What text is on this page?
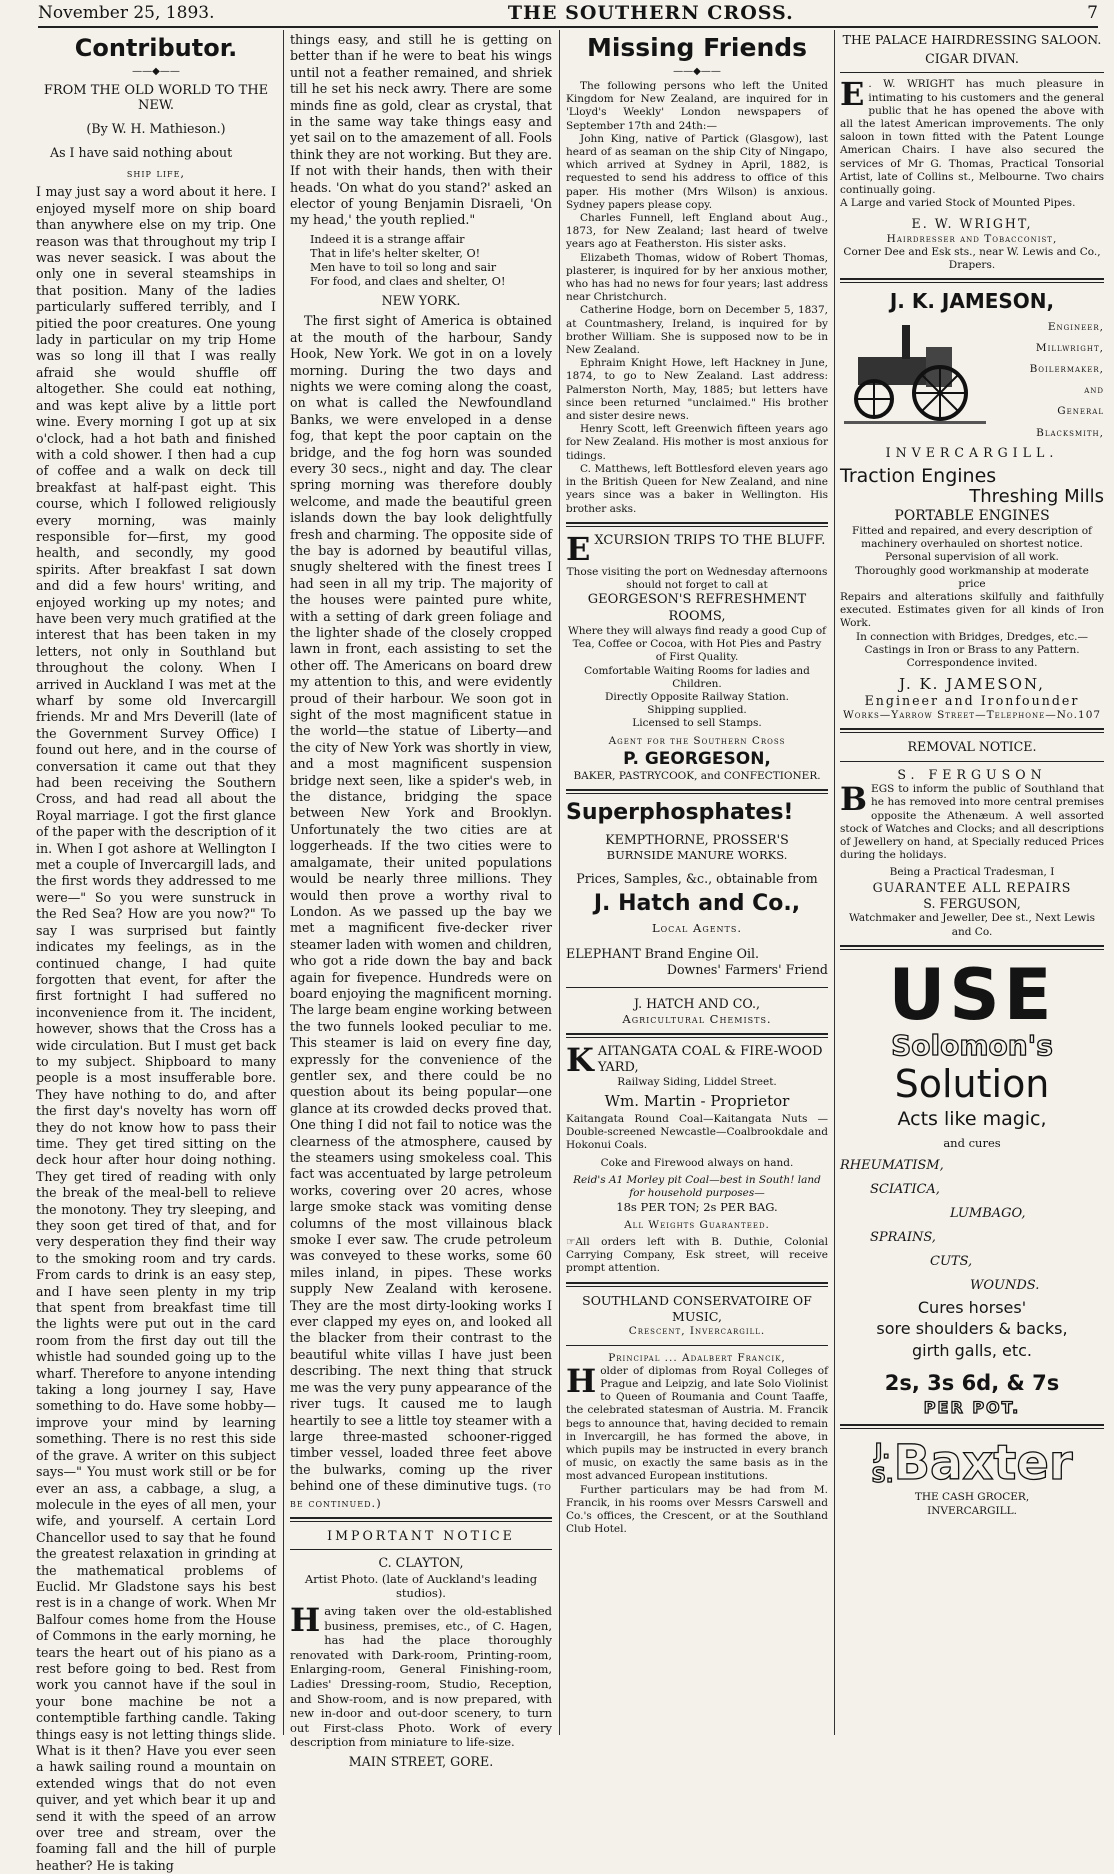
November 25, 1893.	THE SOUTHERN CROSS.	7
Contributor.
——◆——
FROM THE OLD WORLD TO THE NEW.
(By W. H. Mathieson.)

As I have said nothing about

ship life,

I may just say a word about it here. I enjoyed myself more on ship board than anywhere else on my trip. One reason was that throughout my trip I was never seasick. I was about the only one in several steamships in that position. Many of the ladies particularly suffered terribly, and I pitied the poor creatures. One young lady in particular on my trip Home was so long ill that I was really afraid she would shuffle off altogether. She could eat nothing, and was kept alive by a little port wine. Every morning I got up at six o'clock, had a hot bath and finished with a cold shower. I then had a cup of coffee and a walk on deck till breakfast at half-past eight. This course, which I followed religiously every morning, was mainly responsible for—first, my good health, and secondly, my good spirits. After breakfast I sat down and did a few hours' writing, and enjoyed working up my notes; and have been very much gratified at the interest that has been taken in my letters, not only in Southland but throughout the colony. When I arrived in Auckland I was met at the wharf by some old Invercargill friends. Mr and Mrs Deverill (late of the Government Survey Office) I found out here, and in the course of conversation it came out that they had been receiving the Southern Cross, and had read all about the Royal marriage. I got the first glance of the paper with the description of it in. When I got ashore at Wellington I met a couple of Invercargill lads, and the first words they addressed to me were—" So you were sunstruck in the Red Sea? How are you now?" To say I was surprised but faintly indicates my feelings, as in the continued change, I had quite forgotten that event, for after the first fortnight I had suffered no inconvenience from it. The incident, however, shows that the Cross has a wide circulation. But I must get back to my subject. Shipboard to many people is a most insufferable bore. They have nothing to do, and after the first day's novelty has worn off they do not know how to pass their time. They get tired sitting on the deck hour after hour doing nothing. They get tired of reading with only the break of the meal-bell to relieve the monotony. They try sleeping, and they soon get tired of that, and for very desperation they find their way to the smoking room and try cards. From cards to drink is an easy step, and I have seen plenty in my trip that spent from breakfast time till the lights were put out in the card room from the first day out till the whistle had sounded going up to the wharf. Therefore to anyone intending taking a long journey I say, Have something to do. Have some hobby—improve your mind by learning something. There is no rest this side of the grave. A writer on this subject says—" You must work still or be for ever an ass, a cabbage, a slug, a molecule in the eyes of all men, your wife, and yourself. A certain Lord Chancellor used to say that he found the greatest relaxation in grinding at the mathematical problems of Euclid. Mr Gladstone says his best rest is in a change of work. When Mr Balfour comes home from the House of Commons in the early morning, he tears the heart out of his piano as a rest before going to bed. Rest from work you cannot have if the soul in your bone machine be not a contemptible farthing candle. Taking things easy is not letting things slide. What is it then? Have you ever seen a hawk sailing round a mountain on extended wings that do not even quiver, and yet which bear it up and send it with the speed of an arrow over tree and stream, over the foaming fall and the hill of purple heather? He is taking

things easy, and still he is getting on better than if he were to beat his wings until not a feather remained, and shriek till he set his neck awry. There are some minds fine as gold, clear as crystal, that in the same way take things easy and yet sail on to the amazement of all. Fools think they are not working. But they are. If not with their hands, then with their heads. 'On what do you stand?' asked an elector of young Benjamin Disraeli, 'On my head,' the youth replied."

Indeed it is a strange affair
That in life's helter skelter, O!
Men have to toil so long and sair
For food, and claes and shelter, O!
NEW YORK.

The first sight of America is obtained at the mouth of the harbour, Sandy Hook, New York. We got in on a lovely morning. During the two days and nights we were coming along the coast, on what is called the Newfoundland Banks, we were enveloped in a dense fog, that kept the poor captain on the bridge, and the fog horn was sounded every 30 secs., night and day. The clear spring morning was therefore doubly welcome, and made the beautiful green islands down the bay look delightfully fresh and charming. The opposite side of the bay is adorned by beautiful villas, snugly sheltered with the finest trees I had seen in all my trip. The majority of the houses were painted pure white, with a setting of dark green foliage and the lighter shade of the closely cropped lawn in front, each assisting to set the other off. The Americans on board drew my attention to this, and were evidently proud of their harbour. We soon got in sight of the most magnificent statue in the world—the statue of Liberty—and the city of New York was shortly in view, and a most magnificent suspension bridge next seen, like a spider's web, in the distance, bridging the space between New York and Brooklyn. Unfortunately the two cities are at loggerheads. If the two cities were to amalgamate, their united populations would be nearly three millions. They would then prove a worthy rival to London. As we passed up the bay we met a magnificent five-decker river steamer laden with women and children, who got a ride down the bay and back again for fivepence. Hundreds were on board enjoying the magnificent morning. The large beam engine working between the two funnels looked peculiar to me. This steamer is laid on every fine day, expressly for the convenience of the gentler sex, and there could be no question about its being popular—one glance at its crowded decks proved that. One thing I did not fail to notice was the clearness of the atmosphere, caused by the steamers using smokeless coal. This fact was accentuated by large petroleum works, covering over 20 acres, whose large smoke stack was vomiting dense columns of the most villainous black smoke I ever saw. The crude petroleum was conveyed to these works, some 60 miles inland, in pipes. These works supply New Zealand with kerosene. They are the most dirty-looking works I ever clapped my eyes on, and looked all the blacker from their contrast to the beautiful white villas I have just been describing. The next thing that struck me was the very puny appearance of the river tugs. It caused me to laugh heartily to see a little toy steamer with a large three-masted schooner-rigged timber vessel, loaded three feet above the bulwarks, coming up the river behind one of these diminutive tugs. (to be continued.)

IMPORTANT NOTICE
C. CLAYTON,
Artist Photo. (late of Auckland's leading studios).

Having taken over the old-established business, premises, etc., of C. Hagen, has had the place thoroughly renovated with Dark-room, Printing-room, Enlarging-room, General Finishing-room, Ladies' Dressing-room, Studio, Reception, and Show-room, and is now prepared, with new in-door and out-door scenery, to turn out First-class Photo. Work of every description from miniature to life-size.

MAIN STREET, GORE.
Missing Friends
——◆——

The following persons who left the United Kingdom for New Zealand, are inquired for in 'Lloyd's Weekly' London newspapers of September 17th and 24th:—

John King, native of Partick (Glasgow), last heard of as seaman on the ship City of Ningapo, which arrived at Sydney in April, 1882, is requested to send his address to office of this paper. His mother (Mrs Wilson) is anxious. Sydney papers please copy.

Charles Funnell, left England about Aug., 1873, for New Zealand; last heard of twelve years ago at Featherston. His sister asks.

Elizabeth Thomas, widow of Robert Thomas, plasterer, is inquired for by her anxious mother, who has had no news for four years; last address near Christchurch.

Catherine Hodge, born on December 5, 1837, at Countmashery, Ireland, is inquired for by brother William. She is supposed now to be in New Zealand.

Ephraim Knight Howe, left Hackney in June, 1874, to go to New Zealand. Last address: Palmerston North, May, 1885; but letters have since been returned "unclaimed." His brother and sister desire news.

Henry Scott, left Greenwich fifteen years ago for New Zealand. His mother is most anxious for tidings.

C. Matthews, left Bottlesford eleven years ago in the British Queen for New Zealand, and nine years since was a baker in Wellington. His brother asks.

EXCURSION TRIPS TO THE BLUFF.

Those visiting the port on Wednesday afternoons should not forget to call at

GEORGESON'S REFRESHMENT ROOMS,

Where they will always find ready a good Cup of Tea, Coffee or Cocoa, with Hot Pies and Pastry of First Quality.

Comfortable Waiting Rooms for ladies and Children.

Directly Opposite Railway Station.

Shipping supplied.

Licensed to sell Stamps.

Agent for the Southern Cross
P. GEORGESON,
BAKER, PASTRYCOOK, and CONFECTIONER.
Superphosphates!
KEMPTHORNE, PROSSER'S
BURNSIDE MANURE WORKS.
Prices, Samples, &c., obtainable from
J. Hatch and Co.,
Local Agents.
ELEPHANT Brand Engine Oil.
Downes' Farmers' Friend
J. HATCH AND CO.,
Agricultural Chemists.
KAITANGATA COAL & FIRE-WOOD YARD,
Railway Siding, Liddel Street.
Wm. Martin - Proprietor

Kaitangata Round Coal—Kaitangata Nuts —Double-screened Newcastle—Coalbrookdale and Hokonui Coals.

Coke and Firewood always on hand.

Reid's A1 Morley pit Coal—best in South! land for household purposes—

18s PER TON; 2s PER BAG.

All Weights Guaranteed.

☞All orders left with B. Duthie, Colonial Carrying Company, Esk street, will receive prompt attention.

SOUTHLAND CONSERVATOIRE OF MUSIC,
Crescent, Invercargill.
Principal ... Adalbert Francik,

Holder of diplomas from Royal Colleges of Prague and Leipzig, and late Solo Violinist to Queen of Roumania and Count Taaffe, the celebrated statesman of Austria. M. Francik begs to announce that, having decided to remain in Invercargill, he has formed the above, in which pupils may be instructed in every branch of music, on exactly the same basis as in the most advanced European institutions.

Further particulars may be had from M. Francik, in his rooms over Messrs Carswell and Co.'s offices, the Crescent, or at the Southland Club Hotel.

THE PALACE HAIRDRESSING SALOON.
CIGAR DIVAN.

E . W. WRIGHT has much pleasure in intimating to his customers and the general public that he has opened the above with all the latest American improvements. The only saloon in town fitted with the Patent Lounge American Chairs. I have also secured the services of Mr G. Thomas, Practical Tonsorial Artist, late of Collins st., Melbourne. Two chairs continually going.

A Large and varied Stock of Mounted Pipes.

E. W. WRIGHT,
Hairdresser and Tobacconist,
Corner Dee and Esk sts., near W. Lewis and Co., Drapers.
J. K. JAMESON,
Engineer,
Millwright,
Boilermaker,
and
General
Blacksmith,
INVERCARGILL.
Traction Engines
Threshing Mills
PORTABLE ENGINES

Fitted and repaired, and every description of machinery overhauled on shortest notice.

Personal supervision of all work.

Thoroughly good workmanship at moderate price

Repairs and alterations skilfully and faithfully executed. Estimates given for all kinds of Iron Work.

In connection with Bridges, Dredges, etc.—Castings in Iron or Brass to any Pattern. Correspondence invited.

J. K. JAMESON,
Engineer and Ironfounder
Works—Yarrow Street—Telephone—No.107
REMOVAL NOTICE.
S. FERGUSON

BEGS to inform the public of Southland that he has removed into more central premises opposite the Athenæum. A well assorted stock of Watches and Clocks; and all descriptions of Jewellery on hand, at Specially reduced Prices during the holidays.

Being a Practical Tradesman, I
GUARANTEE ALL REPAIRS
S. FERGUSON,
Watchmaker and Jeweller, Dee st., Next Lewis and Co.
USE
Solomon's
Solution
Acts like magic,
and cures
RHEUMATISM,
SCIATICA,
LUMBAGO,
SPRAINS,
CUTS,
WOUNDS.
Cures horses'
sore shoulders & backs,
girth galls, etc.
2s, 3s 6d, & 7s
PER POT.
J.
S. Baxter
THE CASH GROCER,
INVERCARGILL.
